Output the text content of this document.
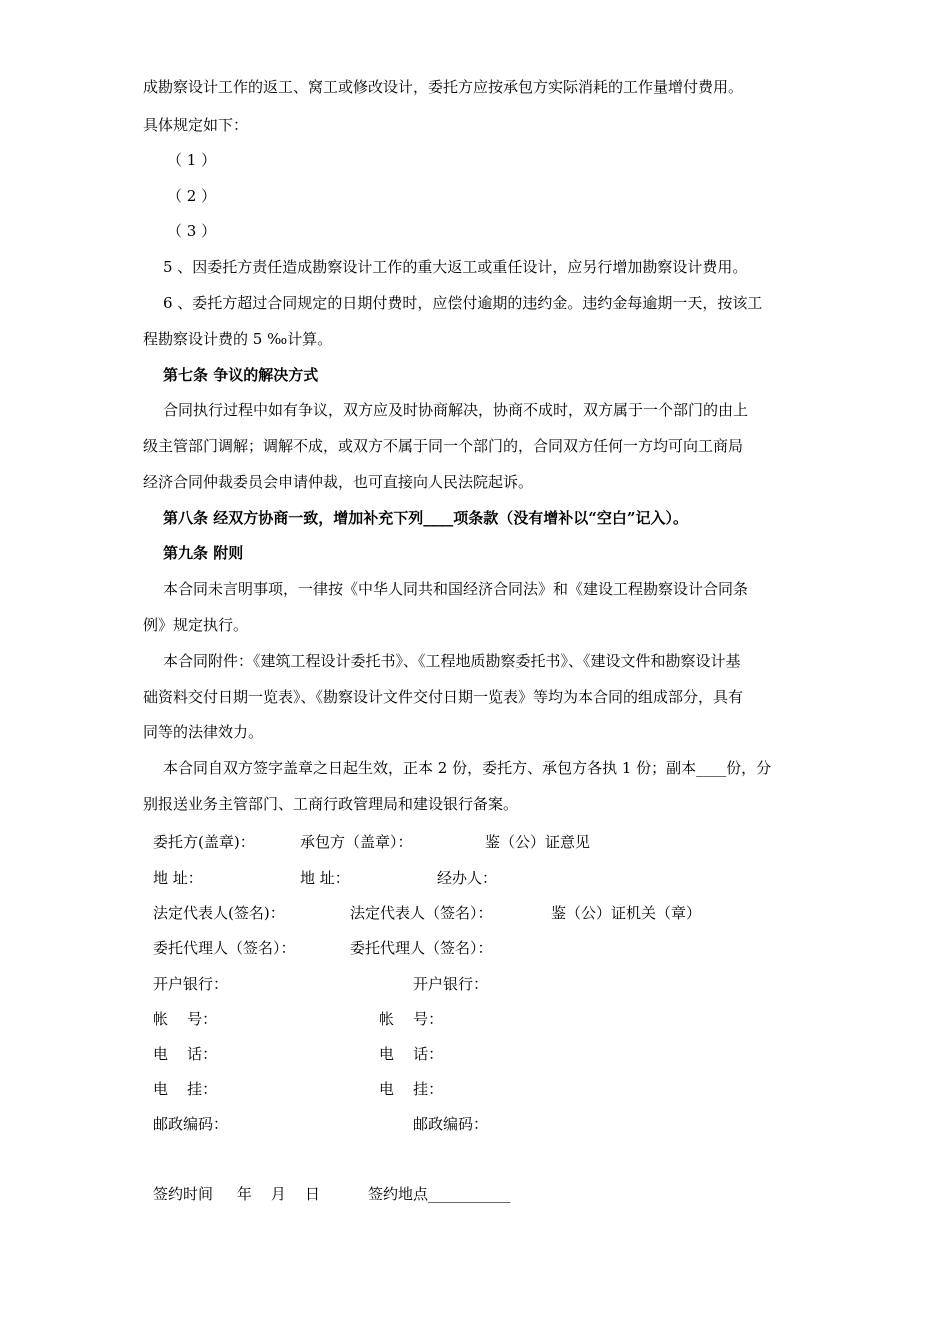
成勘察设计工作的返工、窝工或修改设计，委托方应按承包方实际消耗的工作量增付费用。
具体规定如下：
（ 1 ）
（ 2 ）
（ 3 ）
5 、因委托方责任造成勘察设计工作的重大返工或重任设计，应另行增加勘察设计费用。
6 、委托方超过合同规定的日期付费时，应偿付逾期的违约金。违约金每逾期一天，按该工
程勘察设计费的 5 ‰计算。
第七条 争议的解决方式
合同执行过程中如有争议，双方应及时协商解决，协商不成时，双方属于一个部门的由上
级主管部门调解；调解不成，或双方不属于同一个部门的，合同双方任何一方均可向工商局
经济合同仲裁委员会申请仲裁，也可直接向人民法院起诉。
第八条 经双方协商一致，增加补充下列____项条款（没有增补以“空白”记入）。
第九条 附则
本合同未言明事项，一律按《中华人同共和国经济合同法》和《建设工程勘察设计合同条
例》规定执行。
本合同附件：《建筑工程设计委托书》、《工程地质勘察委托书》、《建设文件和勘察设计基
础资料交付日期一览表》、《勘察设计文件交付日期一览表》等均为本合同的组成部分，具有
同等的法律效力。
本合同自双方签字盖章之日起生效，正本 2 份，委托方、承包方各执 1 份；副本____份，分
别报送业务主管部门、工商行政管理局和建设银行备案。
委托方(盖章)：	承包方（盖章）：	鉴（公）证意见
地 址：	地 址：	经办人：
法定代表人(签名)：	法定代表人（签名）：	鉴（公）证机关（章）
委托代理人（签名）：	委托代理人（签名）：
开户银行：	开户银行：
帐    号：	帐    号：
电    话：	电    话：
电    挂：	电    挂：
邮政编码：	邮政编码：
签约时间     年    月    日	签约地点___________
